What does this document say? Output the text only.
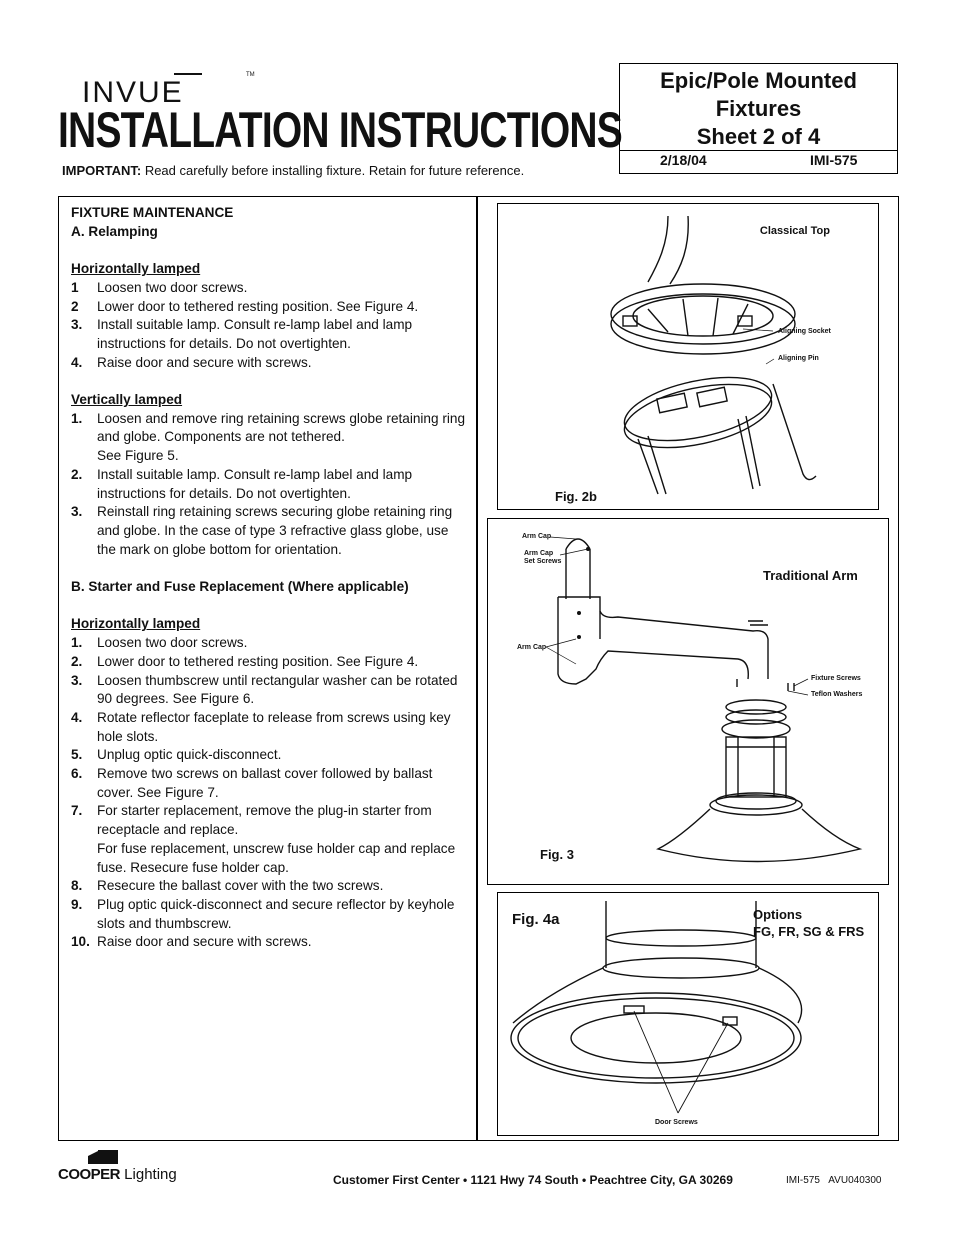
INVUE
TM
INSTALLATION INSTRUCTIONS
IMPORTANT: Read carefully before installing fixture. Retain for future reference.
Epic/Pole Mounted
Fixtures
Sheet 2 of 4
2/18/04	IMI-575
FIXTURE MAINTENANCE
A. Relamping
Horizontally lamped
1	Loosen two door screws.
2	Lower door to tethered resting position. See Figure 4.
3.	Install suitable lamp. Consult re-lamp label and lamp instructions for details. Do not overtighten.
4.	Raise door and secure with screws.
Vertically lamped
1.	Loosen and remove ring retaining screws globe retaining ring and globe. Components are not tethered.
See Figure 5.
2.	Install suitable lamp. Consult re-lamp label and lamp instructions for details. Do not overtighten.
3.	Reinstall ring retaining screws securing globe retaining ring and globe. In the case of type 3 refractive glass globe, use the mark on globe bottom for orientation.
B. Starter and Fuse Replacement (Where applicable)
Horizontally lamped
1.	Loosen two door screws.
2.	Lower door to tethered resting position. See Figure 4.
3.	Loosen thumbscrew until rectangular washer can be rotated 90 degrees. See Figure 6.
4.	Rotate reflector faceplate to release from screws using key hole slots.
5.	Unplug optic quick-disconnect.
6.	Remove two screws on ballast cover followed by ballast cover. See Figure 7.
7.	For starter replacement, remove the plug-in starter from receptacle and replace.
For fuse replacement, unscrew fuse holder cap and replace fuse. Resecure fuse holder cap.
8.	Resecure the ballast cover with the two screws.
9.	Plug optic quick-disconnect and secure reflector by keyhole slots and thumbscrew.
10. Raise door and secure with screws.
Classical Top
Aligning Socket
Aligning Pin
Fig. 2b
Arm Cap
Arm Cap Set Screws
Arm Cap
Fixture Screws
Teflon Washers
Traditional Arm
Fig. 3
Fig. 4a	Options
FG, FR, SG & FRS
Door Screws
COOPER Lighting	Customer First Center • 1121 Hwy 74 South • Peachtree City, GA 30269	IMI-575 AVU040300
